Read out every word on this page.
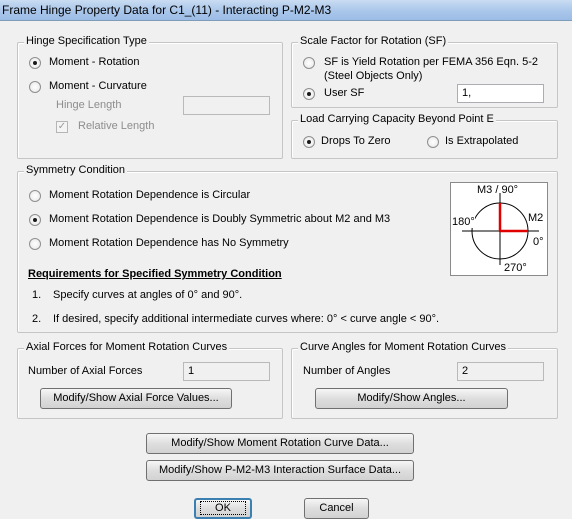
Frame Hinge Property Data for C1_(11) - Interacting P-M2-M3
Hinge Specification Type
Moment - Rotation
Moment - Curvature
Hinge Length
✓ Relative Length
Scale Factor for Rotation (SF)
SF is Yield Rotation per FEMA 356 Eqn. 5-2
(Steel Objects Only)
User SF	1,
Load Carrying Capacity Beyond Point E
Drops To Zero	Is Extrapolated
Symmetry Condition
Moment Rotation Dependence is Circular
Moment Rotation Dependence is Doubly Symmetric about M2 and M3
Moment Rotation Dependence has No Symmetry
Requirements for Specified Symmetry Condition
1. Specify curves at angles of 0° and 90°.
2. If desired, specify additional intermediate curves where: 0° < curve angle < 90°.
M3 / 90°
180°	M2
0°
270°
Axial Forces for Moment Rotation Curves
Number of Axial Forces	1
Modify/Show Axial Force Values...
Curve Angles for Moment Rotation Curves
Number of Angles	2
Modify/Show Angles...
Modify/Show Moment Rotation Curve Data...
Modify/Show P-M2-M3 Interaction Surface Data...
OK	Cancel
